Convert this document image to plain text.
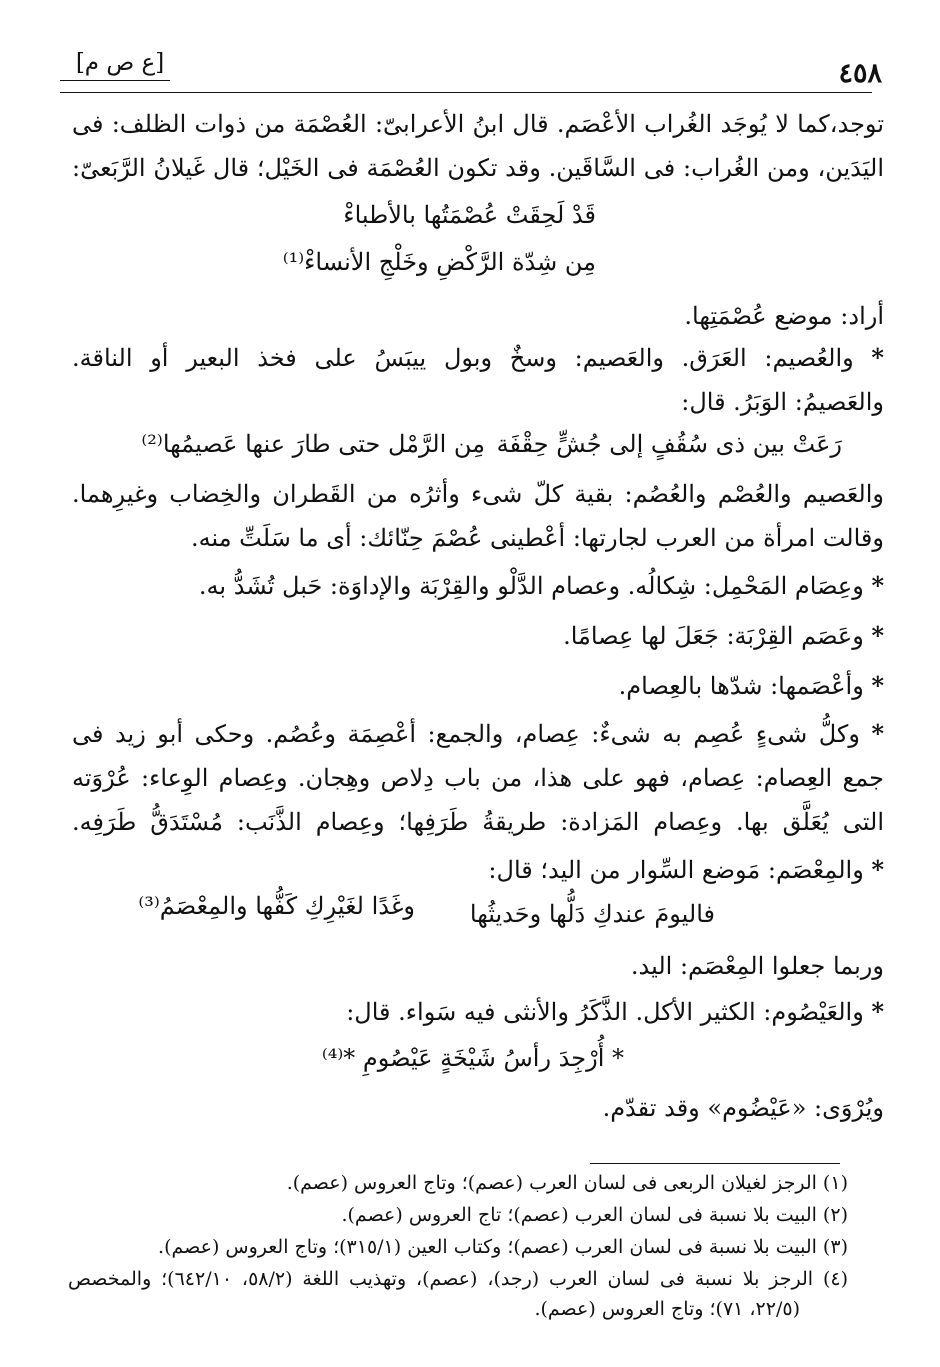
[ع ص م]	٤٥٨
توجد،كما لا يُوجَد الغُراب الأعْصَم. قال ابنُ الأعرابىّ: العُصْمَة من ذوات الظلف: فى
اليَدَين، ومن الغُراب: فى السَّاقَين. وقد تكون العُصْمَة فى الخَيْل؛ قال غَيلانُ الرَّبَعىّ:
قَدْ لَحِقَتْ عُصْمَتُها بالأطباءْ
مِن شِدّة الرَّكْضِ وخَلْجِ الأنساءْ⁽¹⁾
أراد: موضع عُصْمَتِها.
* والعُصيم: العَرَق. والعَصيم: وسخٌ وبول ييبَسُ على فخذ البعير أو الناقة.
والعَصيمُ: الوَبَرُ. قال:
رَعَتْ بين ذى سُقُفٍ إلى جُشٍّ حِقْفَة
مِن الرَّمْل حتى طارَ عنها عَصيمُها⁽²⁾
والعَصيم والعُصْم والعُصُم: بقية كلّ شىء وأثرُه من القَطران والخِضاب وغيرِهما.
وقالت امرأة من العرب لجارتها: أعْطينى عُصْمَ حِنّائك: أى ما سَلَتِّ منه.
* وعِصَام المَحْمِل: شِكالُه. وعصام الدَّلْو والقِرْبَة والإداوَة: حَبل تُشَدُّ به.
* وعَصَم القِرْبَة: جَعَلَ لها عِصامًا.
* وأعْصَمها: شدّها بالعِصام.
* وكلُّ شىءٍ عُصِم به شىءٌ: عِصام، والجمع: أعْصِمَة وعُصُم. وحكى أبو زيد فى
جمع العِصام: عِصام، فهو على هذا، من باب دِلاص وهِجان. وعِصام الوِعاء: عُرْوَته
التى يُعَلَّق بها. وعِصام المَزادة: طريقةُ طَرَفِها؛ وعِصام الذَّنَب: مُسْتَدَقُّ طَرَفِه.
* والمِعْصَم: مَوضع السِّوار من اليد؛ قال:
فاليومَ عندكِ دَلُّها وحَديثُها
وغَدًا لغَيْرِكِ كَفُّها والمِعْصَمُ⁽³⁾
وربما جعلوا المِعْصَم: اليد.
* والعَيْصُوم: الكثير الأكل. الذَّكَرُ والأنثى فيه سَواء. قال:
* أُرْجِدَ رأسُ شَيْخَةٍ عَيْصُومِ *⁽⁴⁾
ويُرْوَى: «عَيْضُوم» وقد تقدّم.
(١) الرجز لغيلان الربعى فى لسان العرب (عصم)؛ وتاج العروس (عصم).
(٢) البيت بلا نسبة فى لسان العرب (عصم)؛ تاج العروس (عصم).
(٣) البيت بلا نسبة فى لسان العرب (عصم)؛ وكتاب العين (٣١٥/١)؛ وتاج العروس (عصم).
(٤) الرجز بلا نسبة فى لسان العرب (رجد)، (عصم)، وتهذيب اللغة (٥٨/٢، ٦٤٢/١٠)؛ والمخصص
(٢٢/٥، ٧١)؛ وتاج العروس (عصم).
